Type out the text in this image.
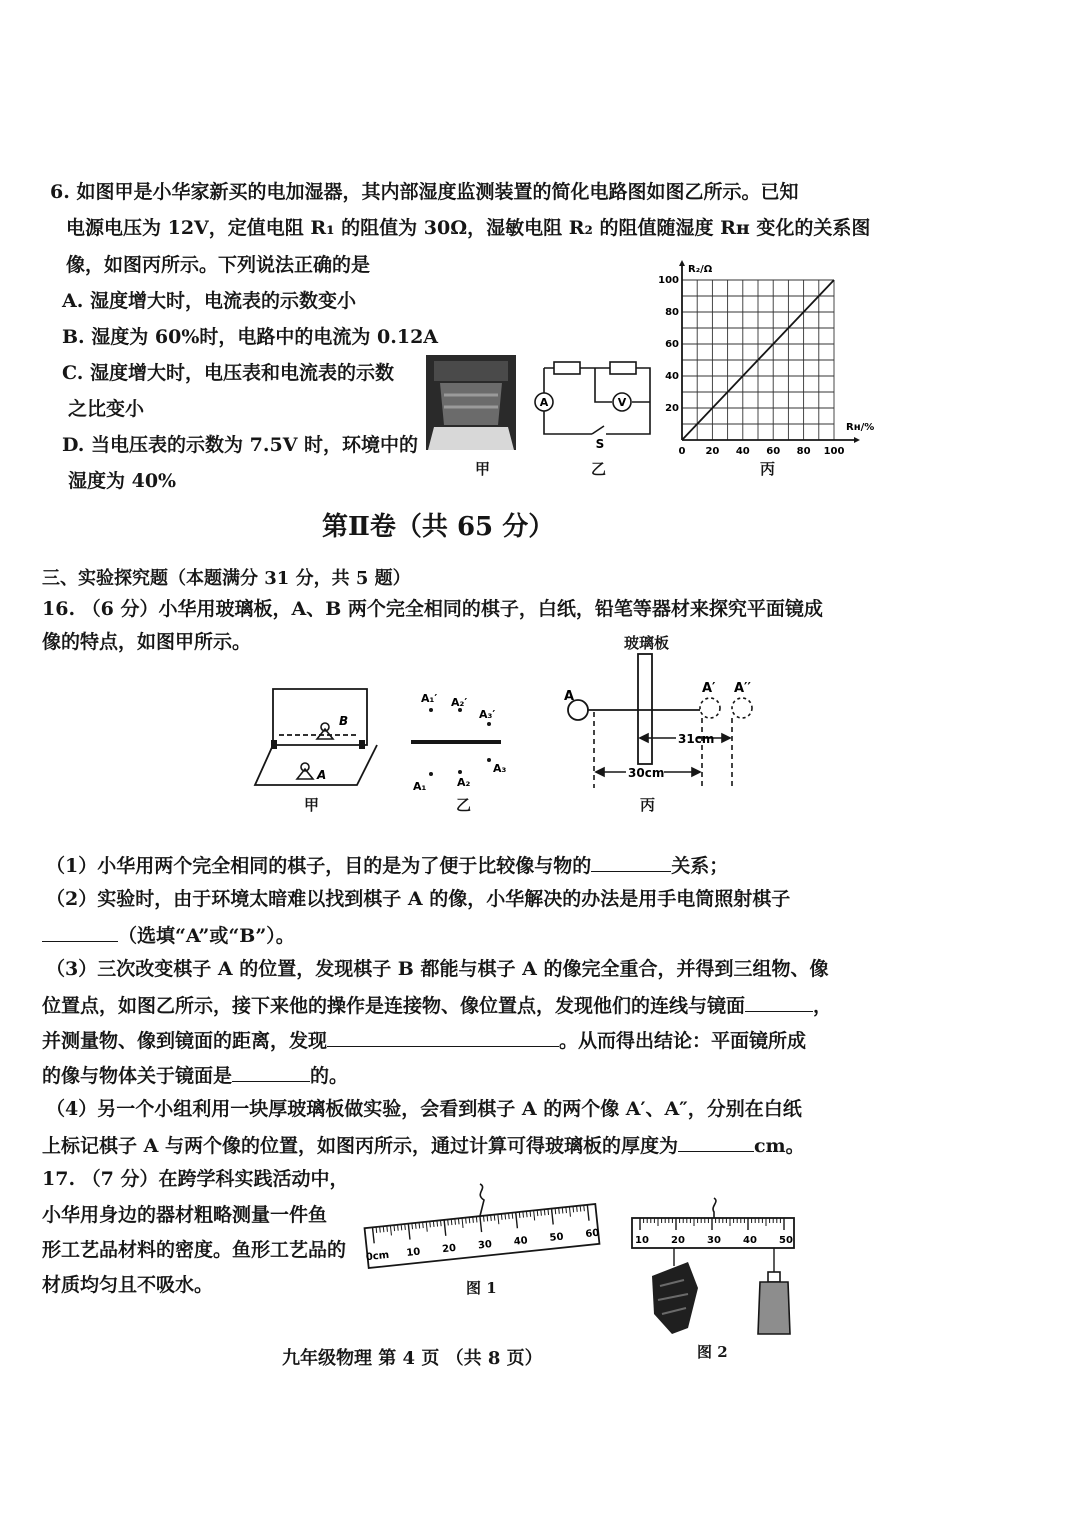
6. 如图甲是小华家新买的电加湿器，其内部湿度监测装置的简化电路图如图乙所示。已知
电源电压为 12V，定值电阻 R₁ 的阻值为 30Ω，湿敏电阻 R₂ 的阻值随湿度 Rʜ 变化的关系图
像，如图丙所示。下列说法正确的是
A. 湿度增大时，电流表的示数变小
B. 湿度为 60%时，电路中的电流为 0.12A
C. 湿度增大时，电压表和电流表的示数
之比变小
D. 当电压表的示数为 7.5V 时，环境中的
湿度为 40%
甲
A	V
S
乙
0 20 40 60 80 100
20
40
60
80
100
R₂/Ω
Rʜ/%
丙
第Ⅱ卷（共 65 分）
三、实验探究题（本题满分 31 分，共 5 题）
16. （6 分）小华用玻璃板，A、B 两个完全相同的棋子，白纸，铅笔等器材来探究平面镜成
像的特点，如图甲所示。
B
A
甲
A₁′ A₂′
A₃′
A₁	A₂
A₃
乙
玻璃板
A
A′ A′′
31cm
30cm
丙
（1）小华用两个完全相同的棋子，目的是为了便于比较像与物的	关系；
（2）实验时，由于环境太暗难以找到棋子 A 的像，小华解决的办法是用手电筒照射棋子
（选填“A”或“B”）。
（3）三次改变棋子 A 的位置，发现棋子 B 都能与棋子 A 的像完全重合，并得到三组物、像
位置点，如图乙所示，接下来他的操作是连接物、像位置点，发现他们的连线与镜面	，
并测量物、像到镜面的距离，发现	。从而得出结论：平面镜所成
的像与物体关于镜面是	的。
（4）另一个小组利用一块厚玻璃板做实验，会看到棋子 A 的两个像 A′、A″，分别在白纸
上标记棋子 A 与两个像的位置，如图丙所示，通过计算可得玻璃板的厚度为	cm。
17. （7 分）在跨学科实践活动中，
小华用身边的器材粗略测量一件鱼
形工艺品材料的密度。鱼形工艺品的
材质均匀且不吸水。
0cm 10 20 30 40 50 60
图 1
10 20 30 40 50
图 2
九年级物理 第 4 页 （共 8 页）
